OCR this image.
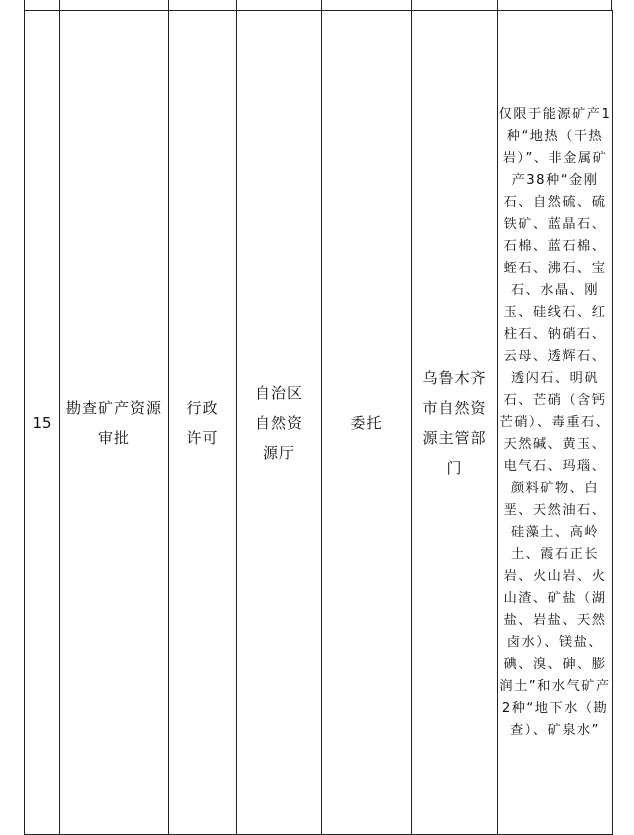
15	勘查矿产资源审批	行政许可	自治区自然资源厅	委托	乌鲁木齐市自然资源主管部门	仅限于能源矿产1种“地热（干热岩）”、非金属矿产38种“金刚石、自然硫、硫铁矿、蓝晶石、石棉、蓝石棉、蛭石、沸石、宝石、水晶、刚玉、硅线石、红柱石、钠硝石、云母、透辉石、透闪石、明矾石、芒硝（含钙芒硝）、毒重石、天然碱、黄玉、电气石、玛瑙、颜料矿物、白垩、天然油石、硅藻土、高岭土、霞石正长岩、火山岩、火山渣、矿盐（湖盐、岩盐、天然卤水）、镁盐、碘、溴、砷、膨润土”和水气矿产2种“地下水（勘查）、矿泉水”
